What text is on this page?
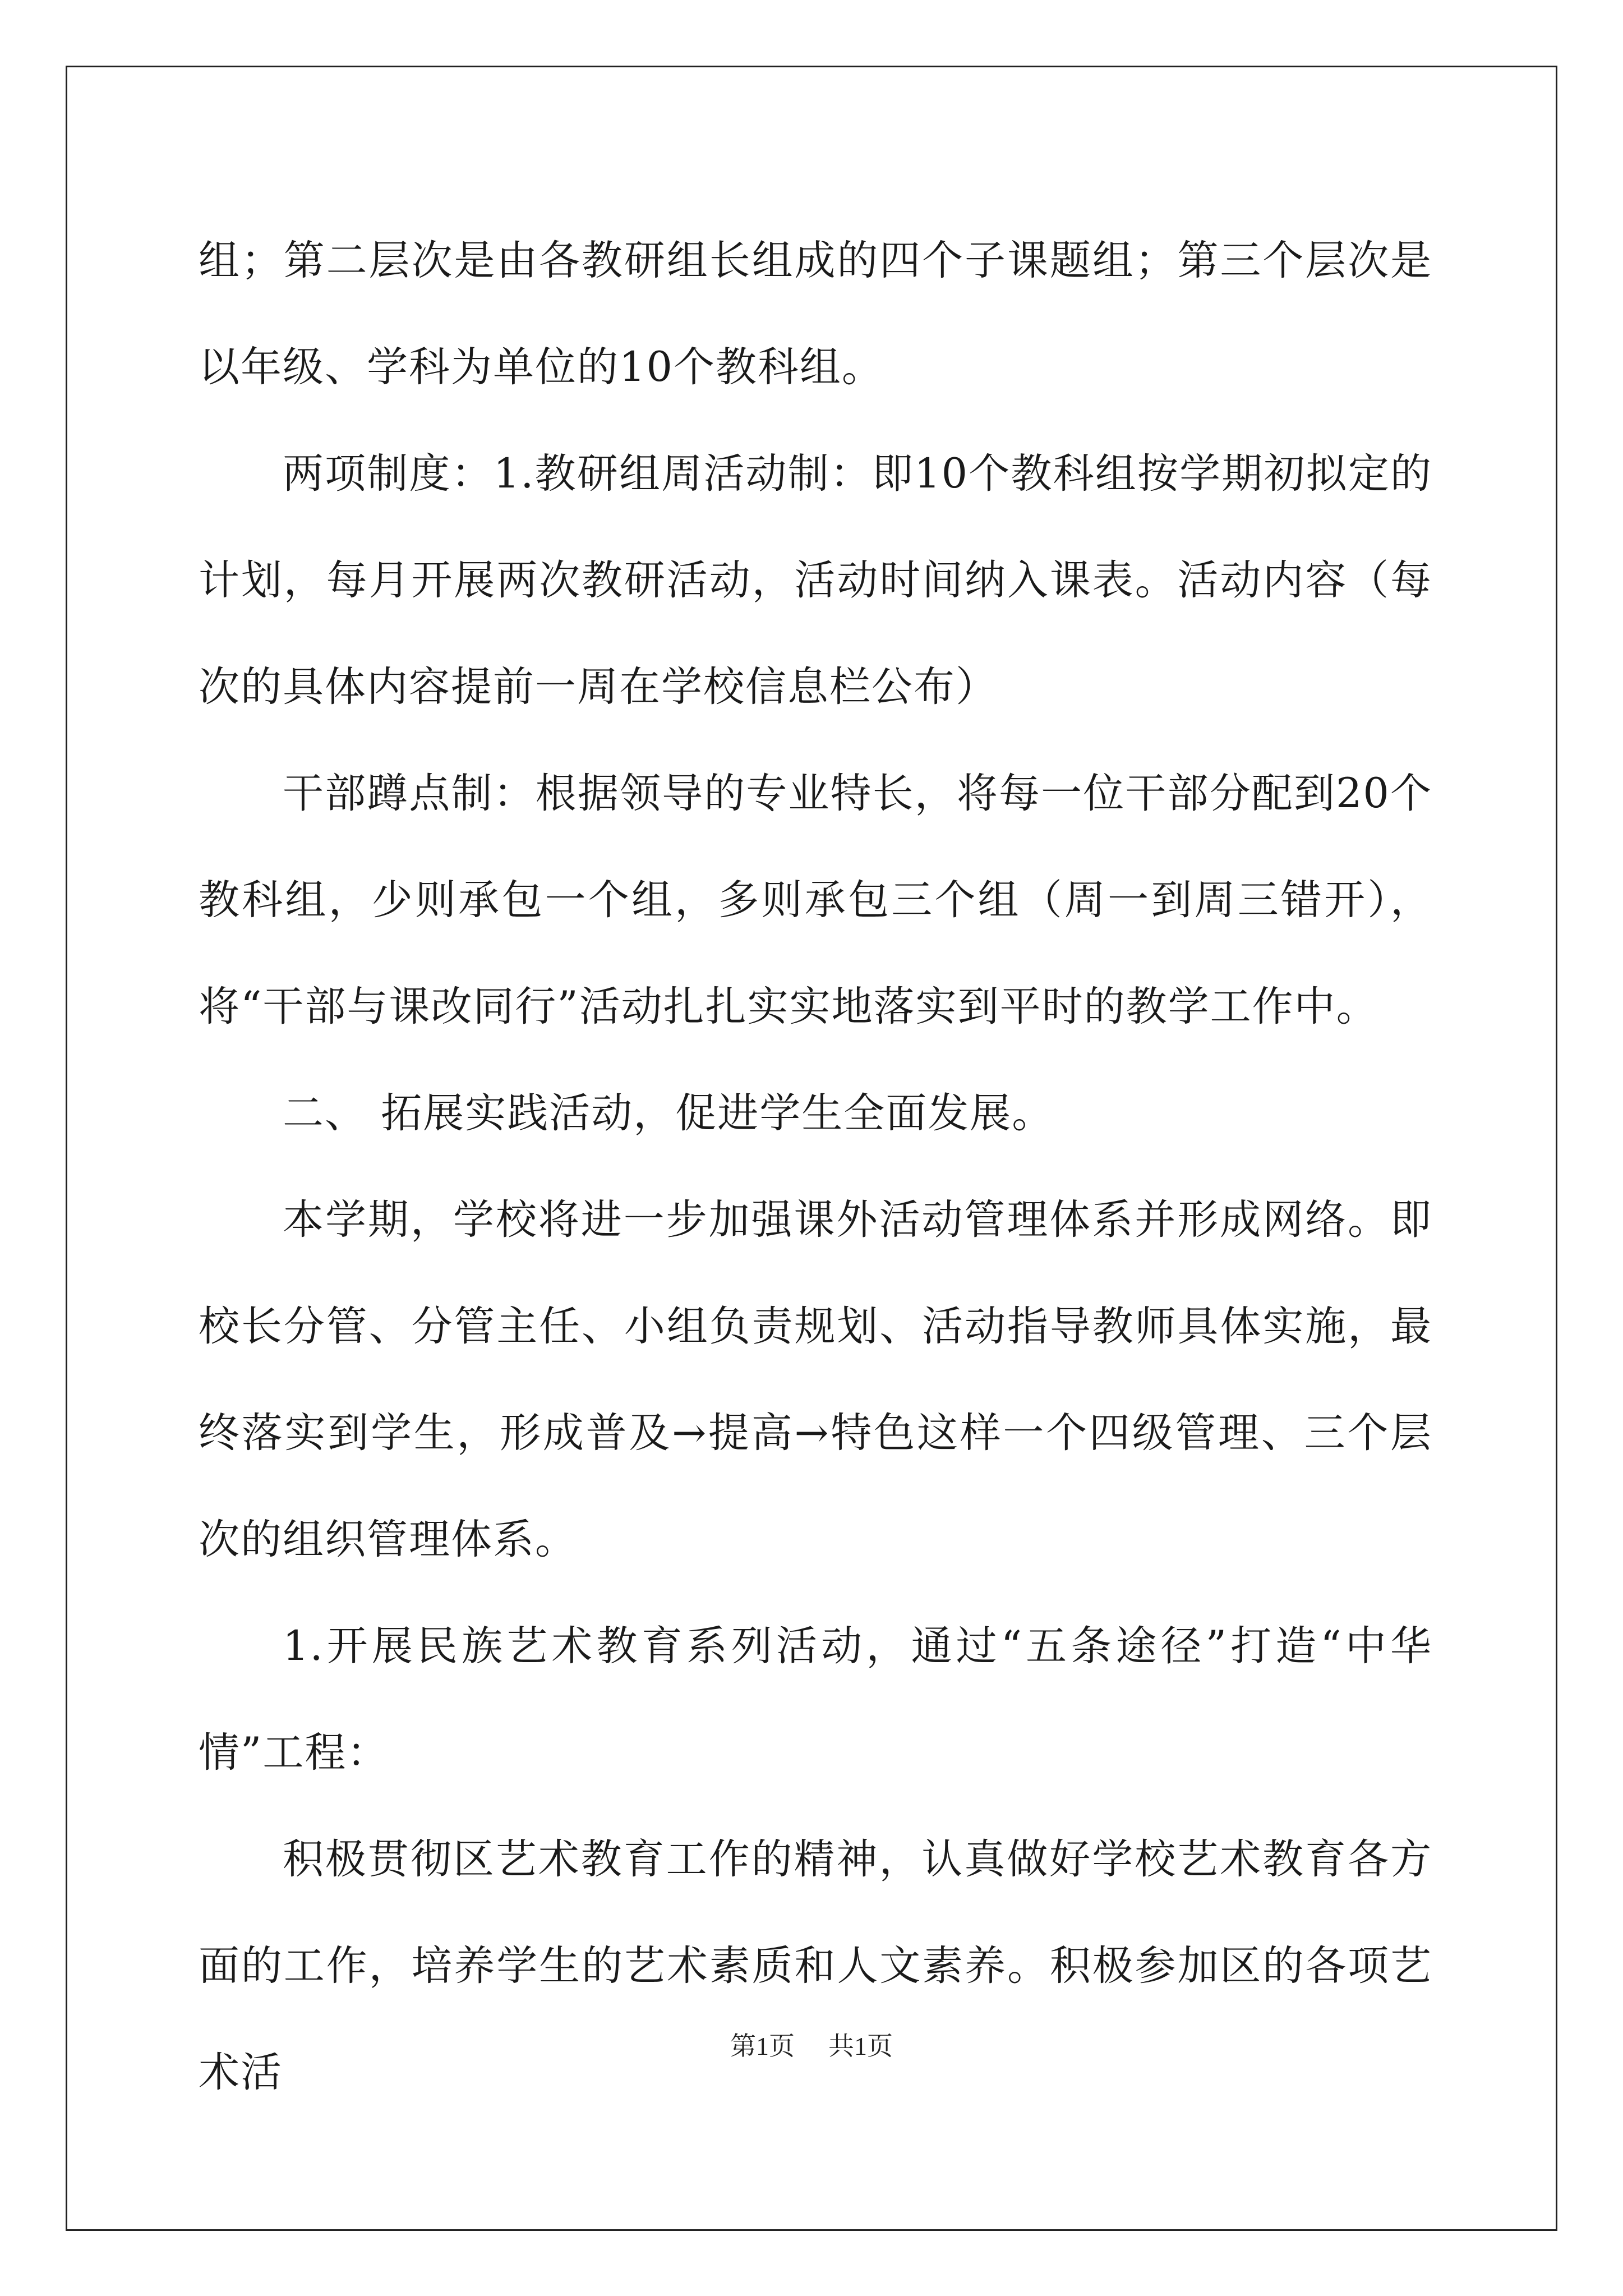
组；第二层次是由各教研组长组成的四个子课题组；第三个层次是以年级、学科为单位的10个教科组。

两项制度：1.教研组周活动制：即10个教科组按学期初拟定的计划，每月开展两次教研活动，活动时间纳入课表。活动内容（每次的具体内容提前一周在学校信息栏公布）

干部蹲点制：根据领导的专业特长，将每一位干部分配到20个教科组，少则承包一个组，多则承包三个组（周一到周三错开），将“干部与课改同行”活动扎扎实实地落实到平时的教学工作中。

二、 拓展实践活动，促进学生全面发展。

本学期，学校将进一步加强课外活动管理体系并形成网络。即校长分管、分管主任、小组负责规划、活动指导教师具体实施，最终落实到学生，形成普及→提高→特色这样一个四级管理、三个层次的组织管理体系。

1.开展民族艺术教育系列活动，通过“五条途径”打造“中华情”工程：

积极贯彻区艺术教育工作的精神，认真做好学校艺术教育各方面的工作，培养学生的艺术素质和人文素养。积极参加区的各项艺术活

第1页 共1页
